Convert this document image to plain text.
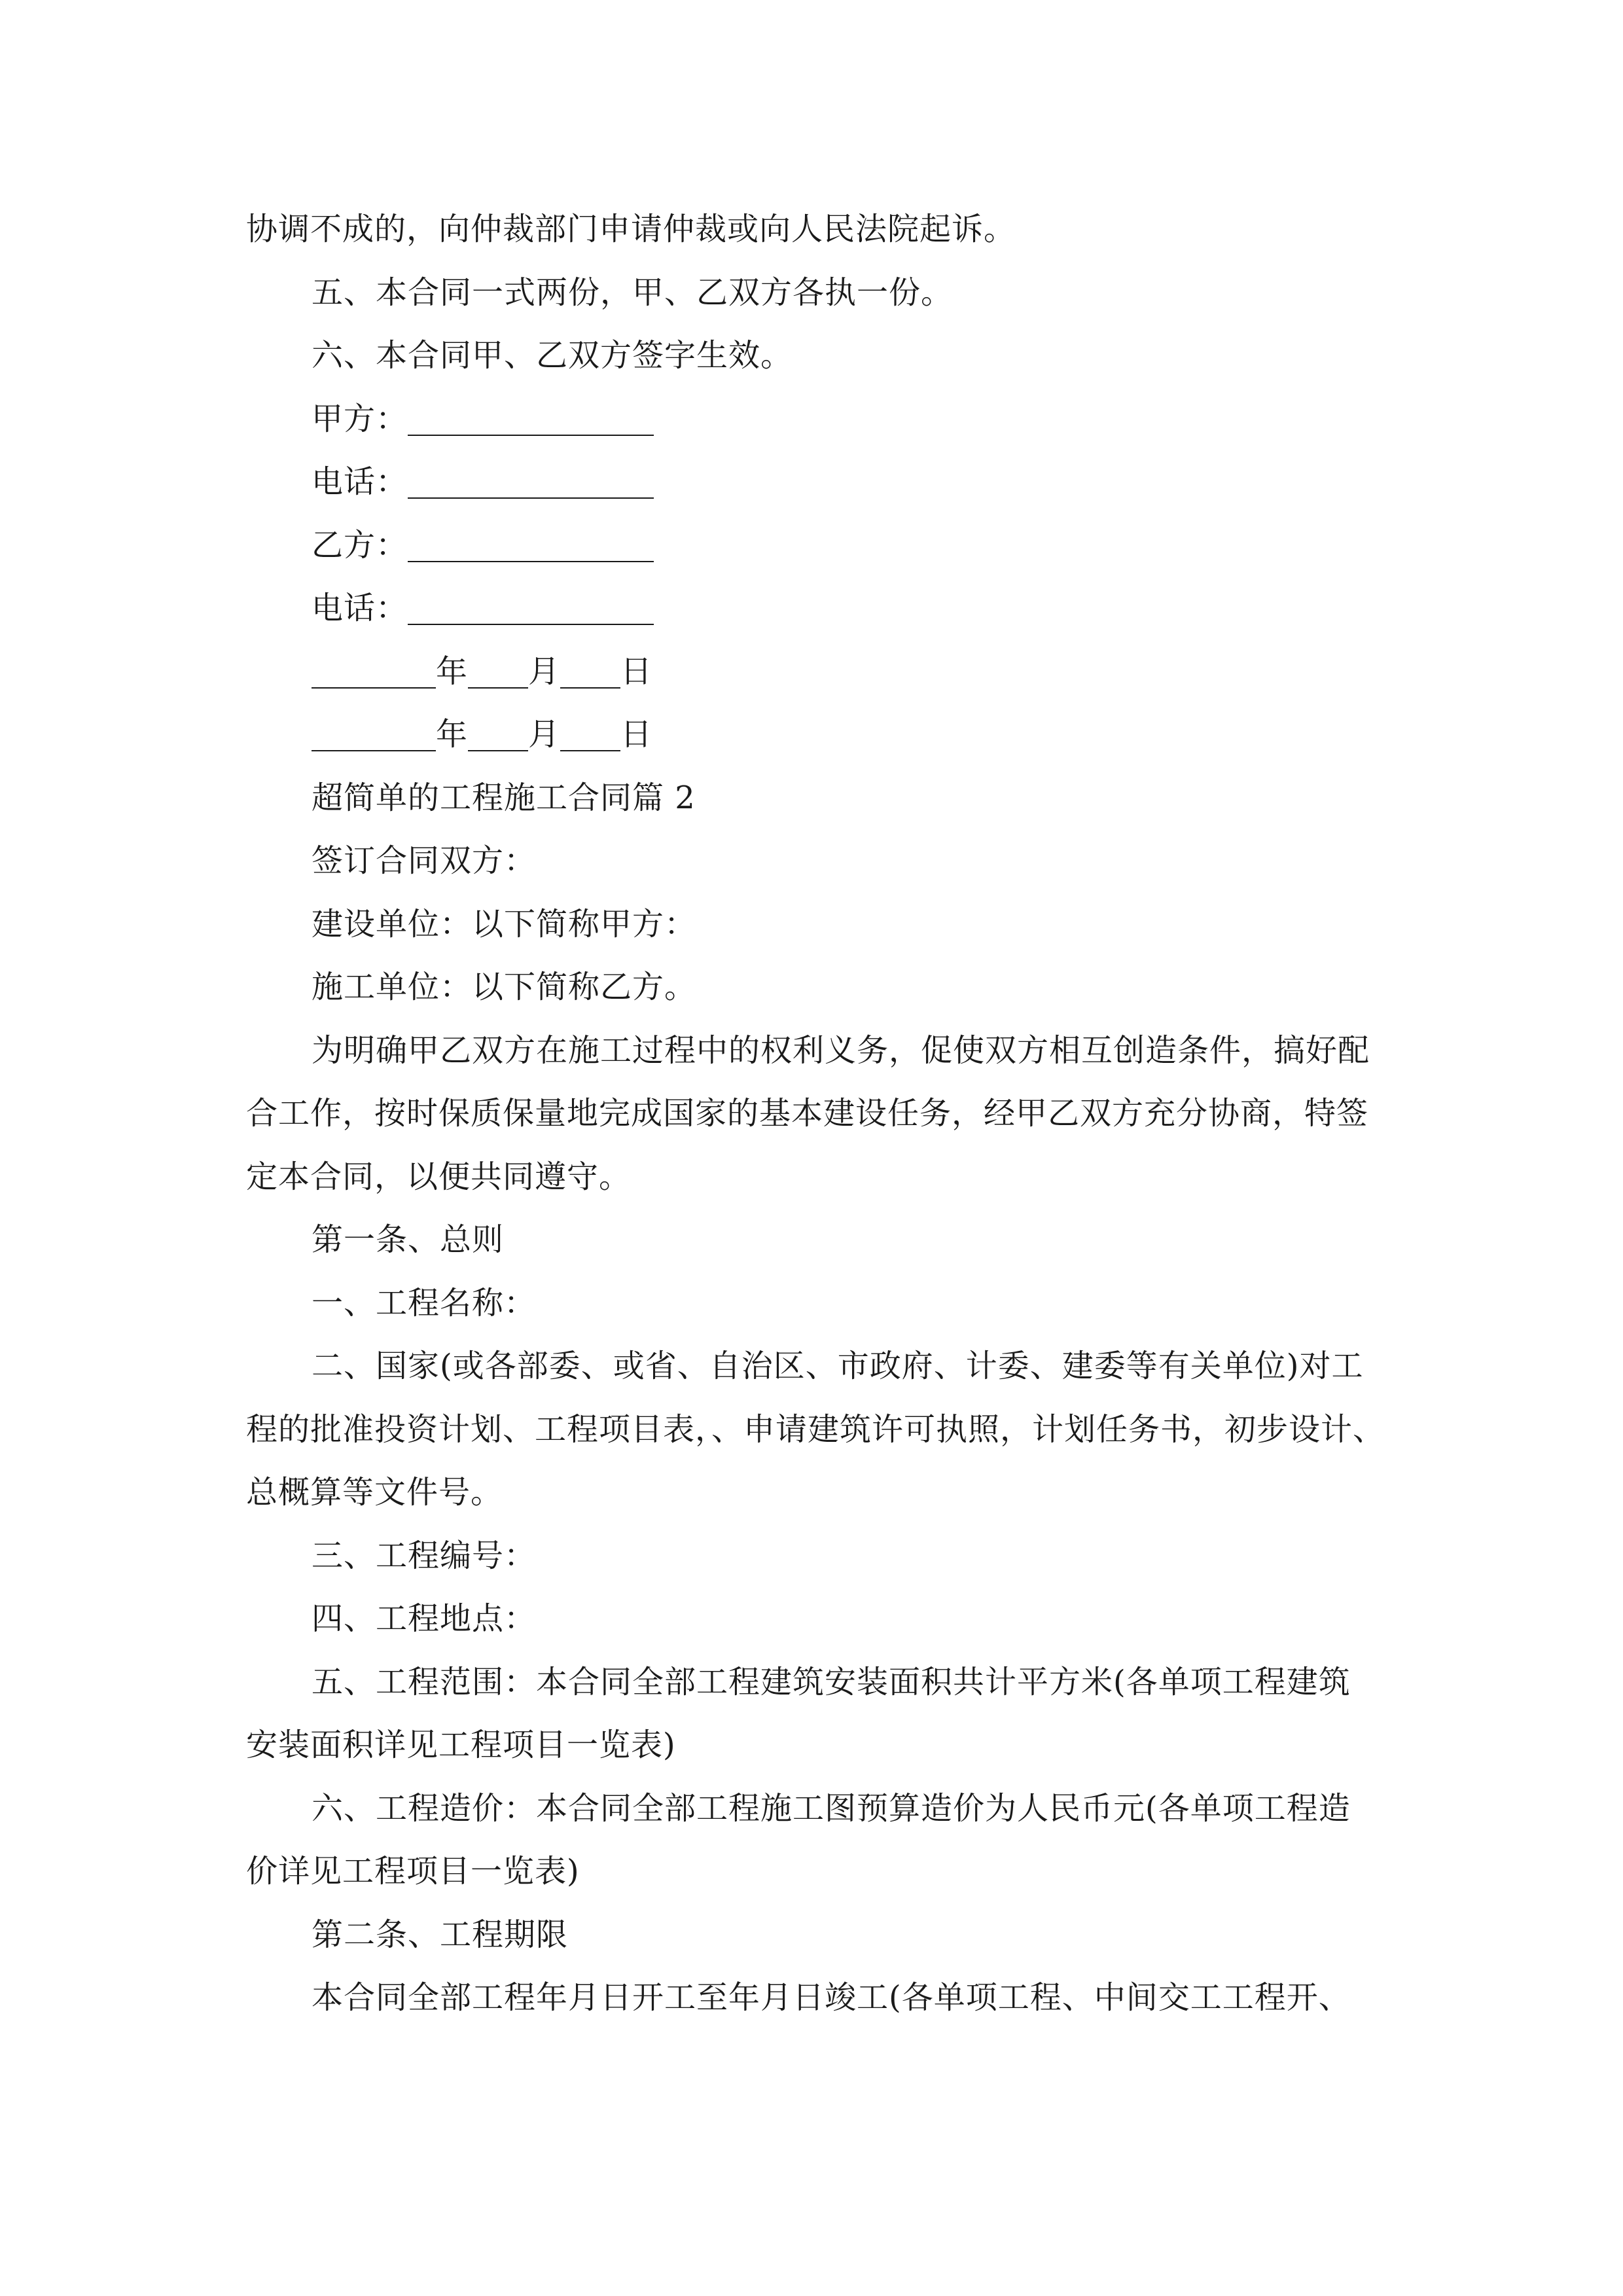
协调不成的，向仲裁部门申请仲裁或向人民法院起诉。
五、本合同一式两份，甲、乙双方各执一份。
六、本合同甲、乙双方签字生效。
甲方：
电话：
乙方：
电话：
年 月 日
年 月 日
超简单的工程施工合同篇 2
签订合同双方：
建设单位：以下简称甲方：
施工单位：以下简称乙方。
为明确甲乙双方在施工过程中的权利义务，促使双方相互创造条件，搞好配
合工作，按时保质保量地完成国家的基本建设任务，经甲乙双方充分协商，特签
定本合同，以便共同遵守。
第一条、总则
一、工程名称：
二、国家(或各部委、或省、自治区、市政府、计委、建委等有关单位)对工
程的批准投资计划、工程项目表，、申请建筑许可执照，计划任务书，初步设计、
总概算等文件号。
三、工程编号：
四、工程地点：
五、工程范围：本合同全部工程建筑安装面积共计平方米(各单项工程建筑
安装面积详见工程项目一览表)
六、工程造价：本合同全部工程施工图预算造价为人民币元(各单项工程造
价详见工程项目一览表)
第二条、工程期限
本合同全部工程年月日开工至年月日竣工(各单项工程、中间交工工程开、
